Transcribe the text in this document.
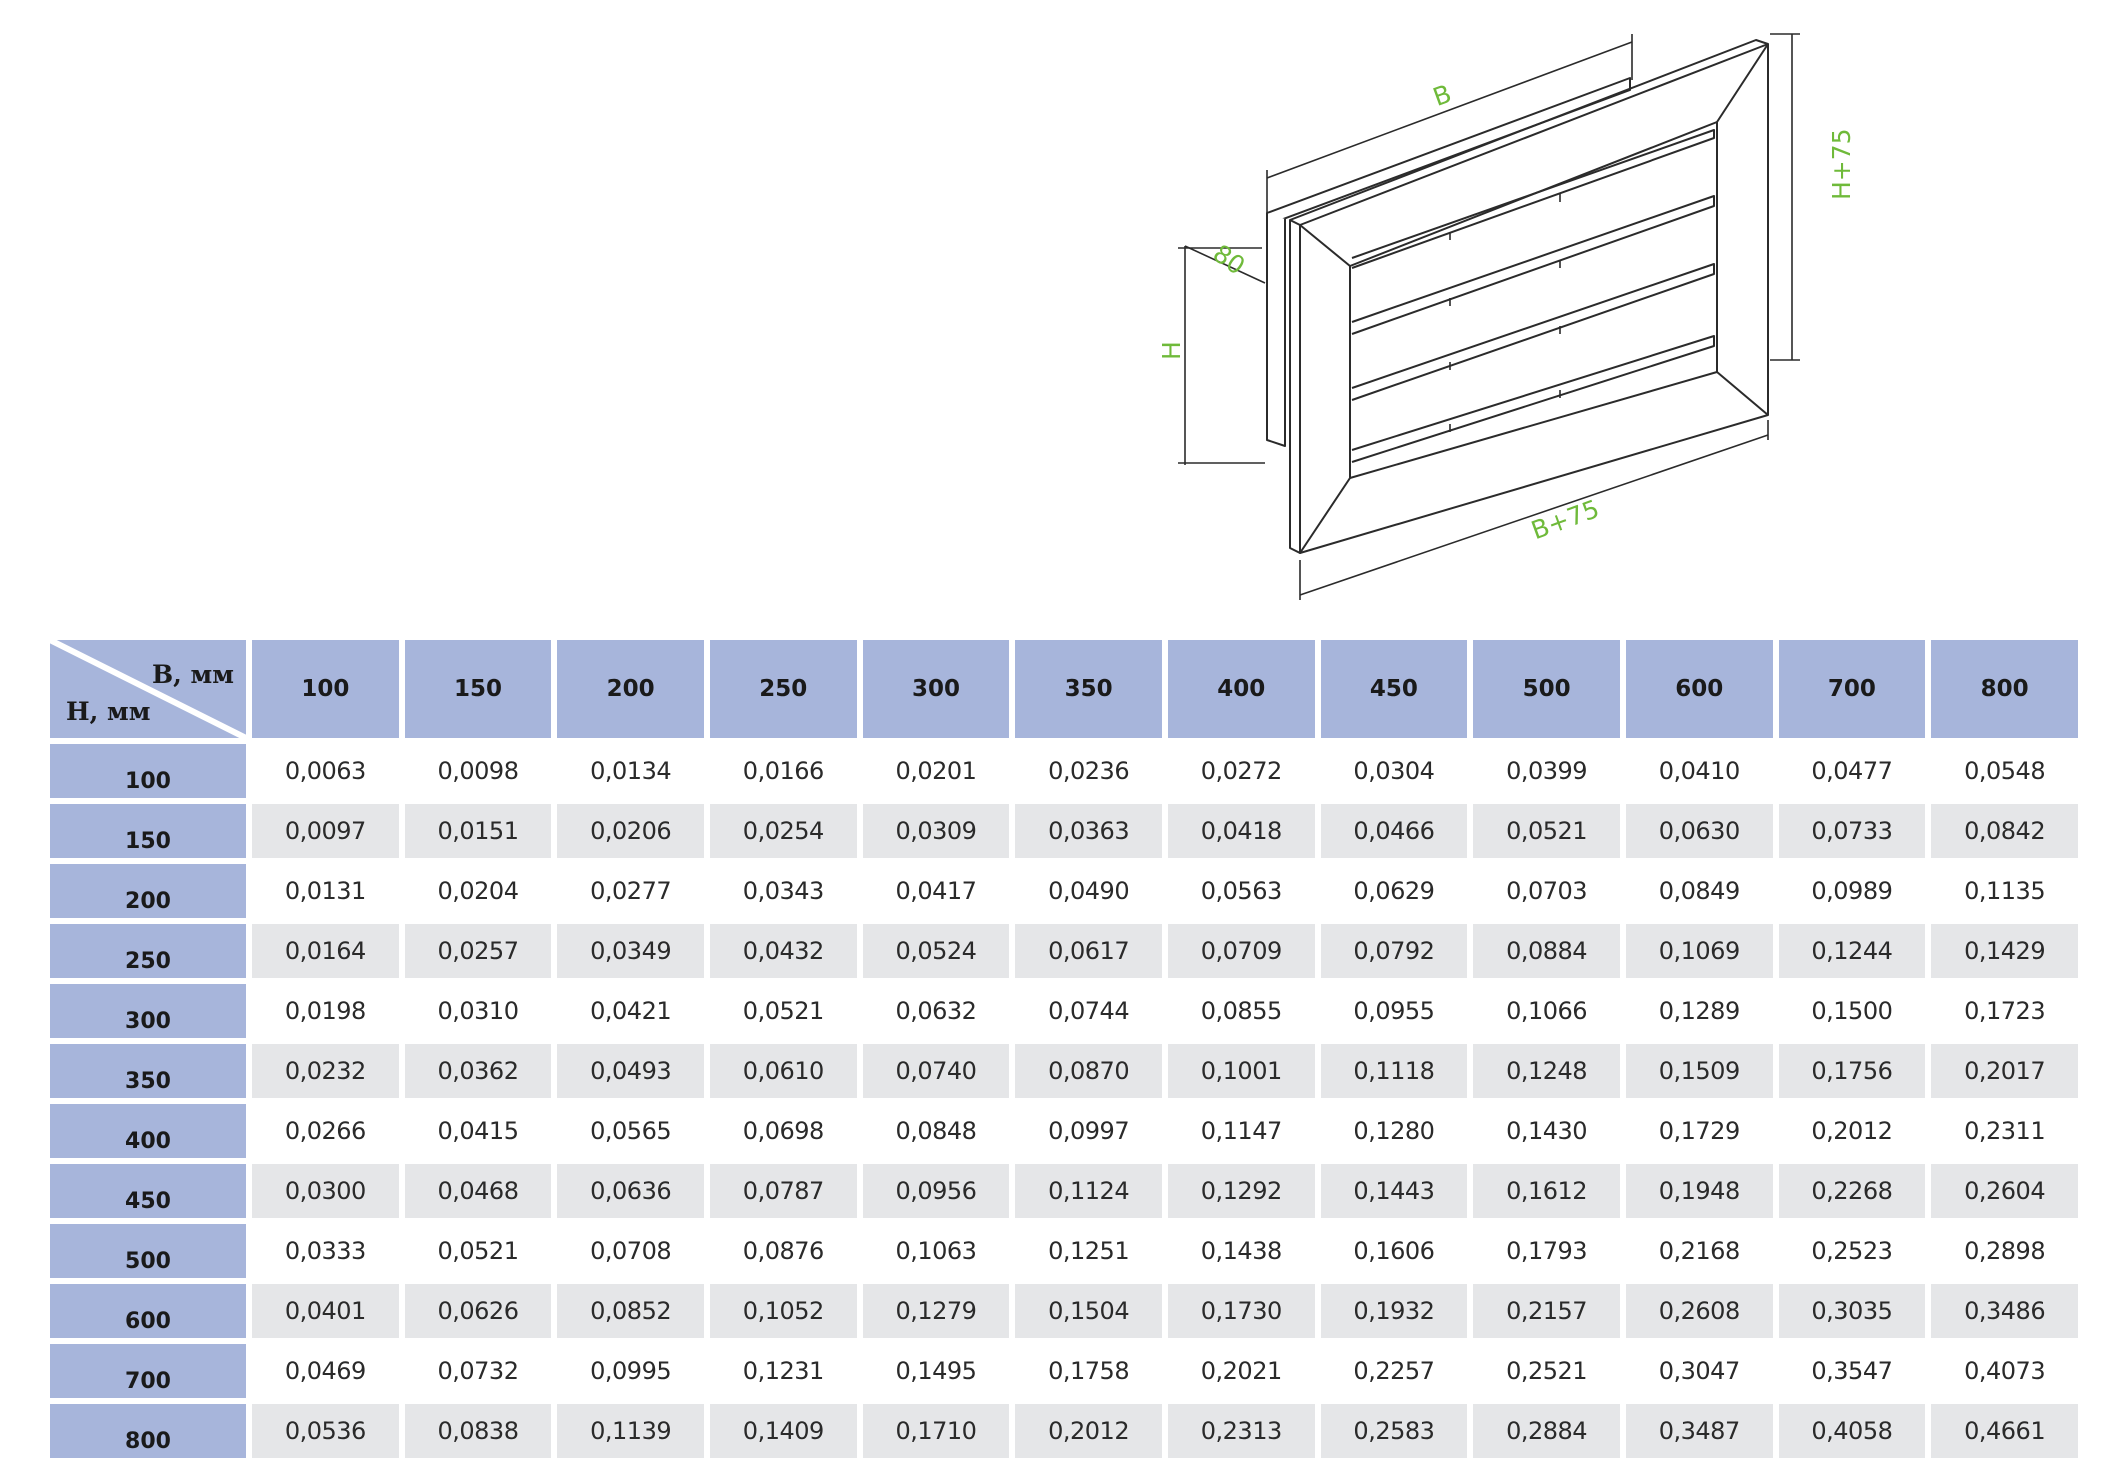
B
80
H
H+75
B+75
B, мм
H, мм	100	150	200	250	300	350	400	450	500	600	700	800
100	0,0063	0,0098	0,0134	0,0166	0,0201	0,0236	0,0272	0,0304	0,0399	0,0410	0,0477	0,0548
150	0,0097	0,0151	0,0206	0,0254	0,0309	0,0363	0,0418	0,0466	0,0521	0,0630	0,0733	0,0842
200	0,0131	0,0204	0,0277	0,0343	0,0417	0,0490	0,0563	0,0629	0,0703	0,0849	0,0989	0,1135
250	0,0164	0,0257	0,0349	0,0432	0,0524	0,0617	0,0709	0,0792	0,0884	0,1069	0,1244	0,1429
300	0,0198	0,0310	0,0421	0,0521	0,0632	0,0744	0,0855	0,0955	0,1066	0,1289	0,1500	0,1723
350	0,0232	0,0362	0,0493	0,0610	0,0740	0,0870	0,1001	0,1118	0,1248	0,1509	0,1756	0,2017
400	0,0266	0,0415	0,0565	0,0698	0,0848	0,0997	0,1147	0,1280	0,1430	0,1729	0,2012	0,2311
450	0,0300	0,0468	0,0636	0,0787	0,0956	0,1124	0,1292	0,1443	0,1612	0,1948	0,2268	0,2604
500	0,0333	0,0521	0,0708	0,0876	0,1063	0,1251	0,1438	0,1606	0,1793	0,2168	0,2523	0,2898
600	0,0401	0,0626	0,0852	0,1052	0,1279	0,1504	0,1730	0,1932	0,2157	0,2608	0,3035	0,3486
700	0,0469	0,0732	0,0995	0,1231	0,1495	0,1758	0,2021	0,2257	0,2521	0,3047	0,3547	0,4073
800	0,0536	0,0838	0,1139	0,1409	0,1710	0,2012	0,2313	0,2583	0,2884	0,3487	0,4058	0,4661
